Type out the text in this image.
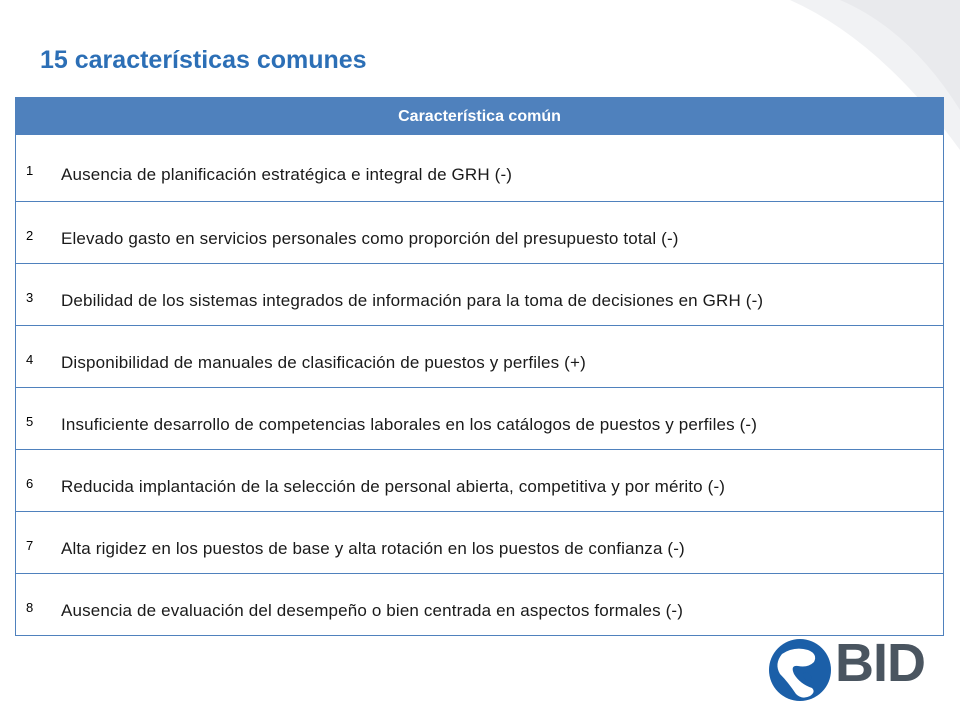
15 características comunes
Característica común
1 Ausencia de planificación estratégica e integral de GRH (-)
2 Elevado gasto en servicios personales como proporción del presupuesto total (-)
3 Debilidad de los sistemas integrados de información para la toma de decisiones en GRH (-)
4 Disponibilidad de manuales de clasificación de puestos y perfiles (+)
5 Insuficiente desarrollo de competencias laborales en los catálogos de puestos y perfiles (-)
6 Reducida implantación de la selección de personal abierta, competitiva y por mérito (-)
7 Alta rigidez en los puestos de base y alta rotación en los puestos de confianza (-)
8 Ausencia de evaluación del desempeño o bien centrada en aspectos formales (-)
BID
